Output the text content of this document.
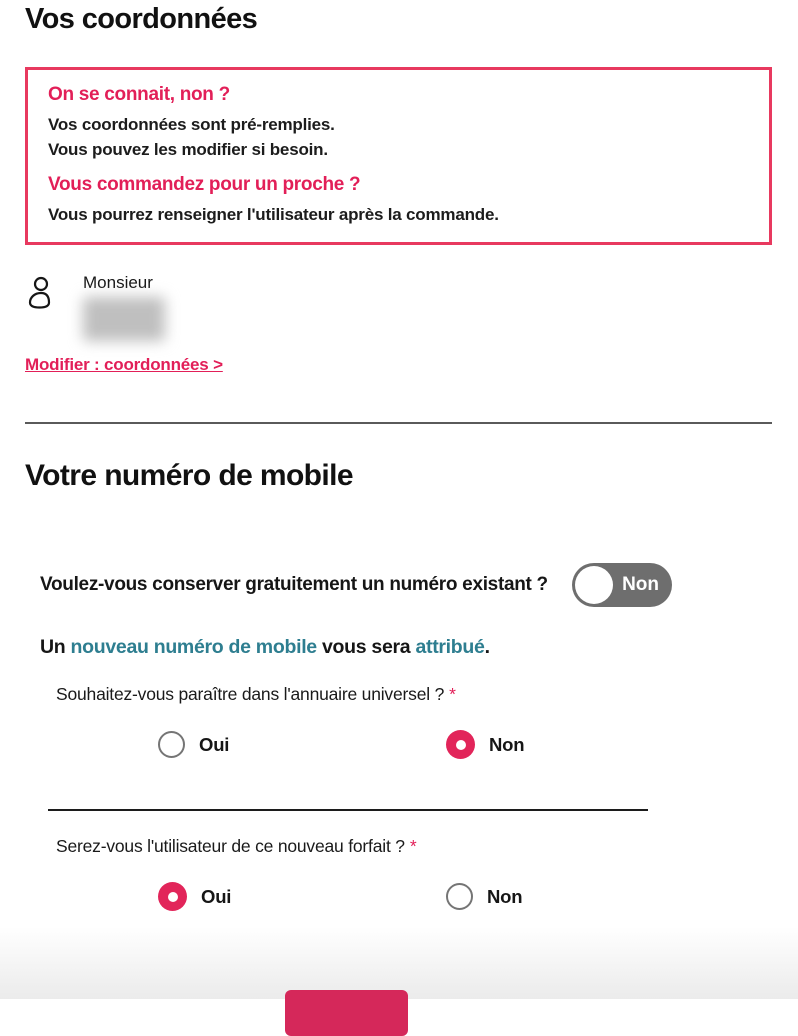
Vos coordonnées
On se connait, non ?

Vos coordonnées sont pré-remplies.

Vous pouvez les modifier si besoin.

Vous commandez pour un proche ?

Vous pourrez renseigner l'utilisateur après la commande.

Monsieur
Modifier : coordonnées >
Votre numéro de mobile
Voulez-vous conserver gratuitement un numéro existant ?	Non

Un nouveau numéro de mobile vous sera attribué.

Souhaitez-vous paraître dans l'annuaire universel ? *
Oui	Non
Serez-vous l'utilisateur de ce nouveau forfait ? *
Oui	Non
